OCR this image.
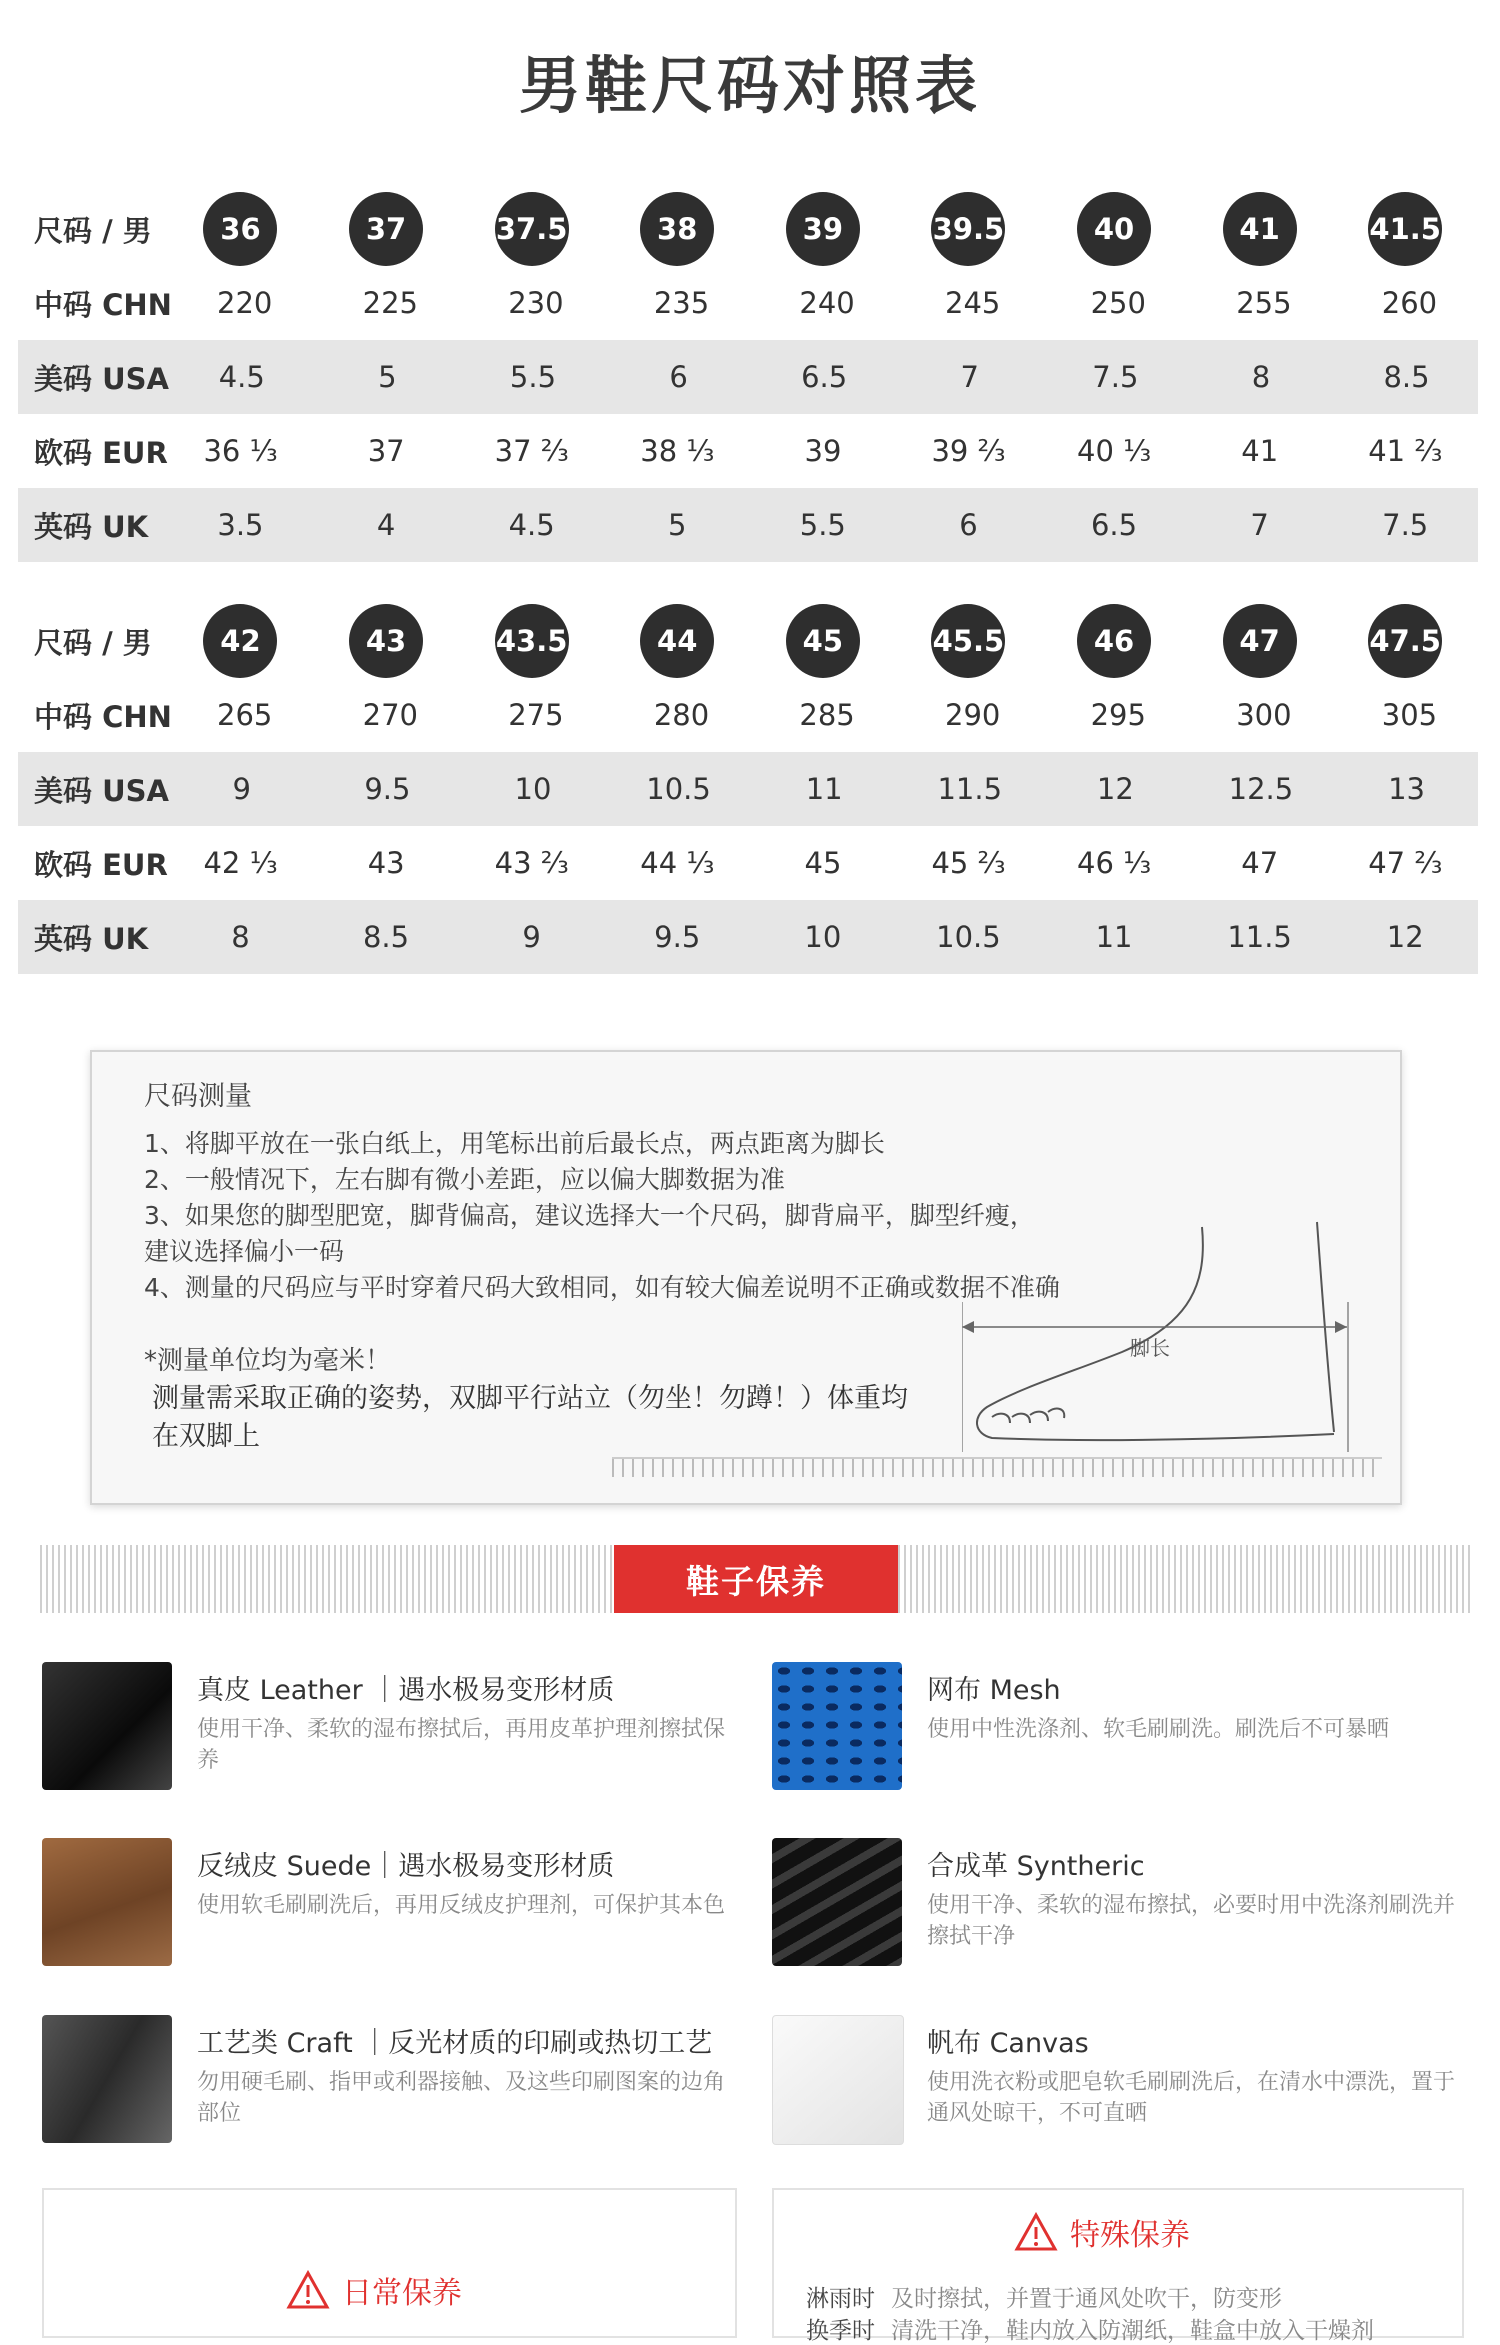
男鞋尺码对照表
尺码 / 男	36	37	37.5	38	39	39.5	40	41	41.5
中码 CHN	220	225	230	235	240	245	250	255	260
美码 USA	4.5	5	5.5	6	6.5	7	7.5	8	8.5
欧码 EUR	36 ⅓	37	37 ⅔	38 ⅓	39	39 ⅔	40 ⅓	41	41 ⅔
英码 UK	3.5	4	4.5	5	5.5	6	6.5	7	7.5
尺码 / 男	42	43	43.5	44	45	45.5	46	47	47.5
中码 CHN	265	270	275	280	285	290	295	300	305
美码 USA	9	9.5	10	10.5	11	11.5	12	12.5	13
欧码 EUR	42 ⅓	43	43 ⅔	44 ⅓	45	45 ⅔	46 ⅓	47	47 ⅔
英码 UK	8	8.5	9	9.5	10	10.5	11	11.5	12
尺码测量
1、将脚平放在一张白纸上，用笔标出前后最长点，两点距离为脚长
2、一般情况下，左右脚有微小差距，应以偏大脚数据为准
3、如果您的脚型肥宽，脚背偏高，建议选择大一个尺码，脚背扁平，脚型纤瘦，
建议选择偏小一码
4、测量的尺码应与平时穿着尺码大致相同，如有较大偏差说明不正确或数据不准确
*测量单位均为毫米！
测量需采取正确的姿势，双脚平行站立（勿坐！勿蹲！）体重均
在双脚上
脚长
鞋子保养
真皮 Leather ｜遇水极易变形材质
使用干净、柔软的湿布擦拭后，再用皮革护理剂擦拭保养
网布 Mesh
使用中性洗涤剂、软毛刷刷洗。刷洗后不可暴晒
反绒皮 Suede｜遇水极易变形材质
使用软毛刷刷洗后，再用反绒皮护理剂，可保护其本色
合成革 Syntheric
使用干净、柔软的湿布擦拭，必要时用中洗涤剂刷洗并擦拭干净
工艺类 Craft ｜反光材质的印刷或热切工艺
勿用硬毛刷、指甲或利器接触、及这些印刷图案的边角部位
帆布 Canvas
使用洗衣粉或肥皂软毛刷刷洗后，在清水中漂洗，置于通风处晾干，不可直晒
日常保养
特殊保养
淋雨时 及时擦拭，并置于通风处吹干，防变形
换季时 清洗干净，鞋内放入防潮纸，鞋盒中放入干燥剂
